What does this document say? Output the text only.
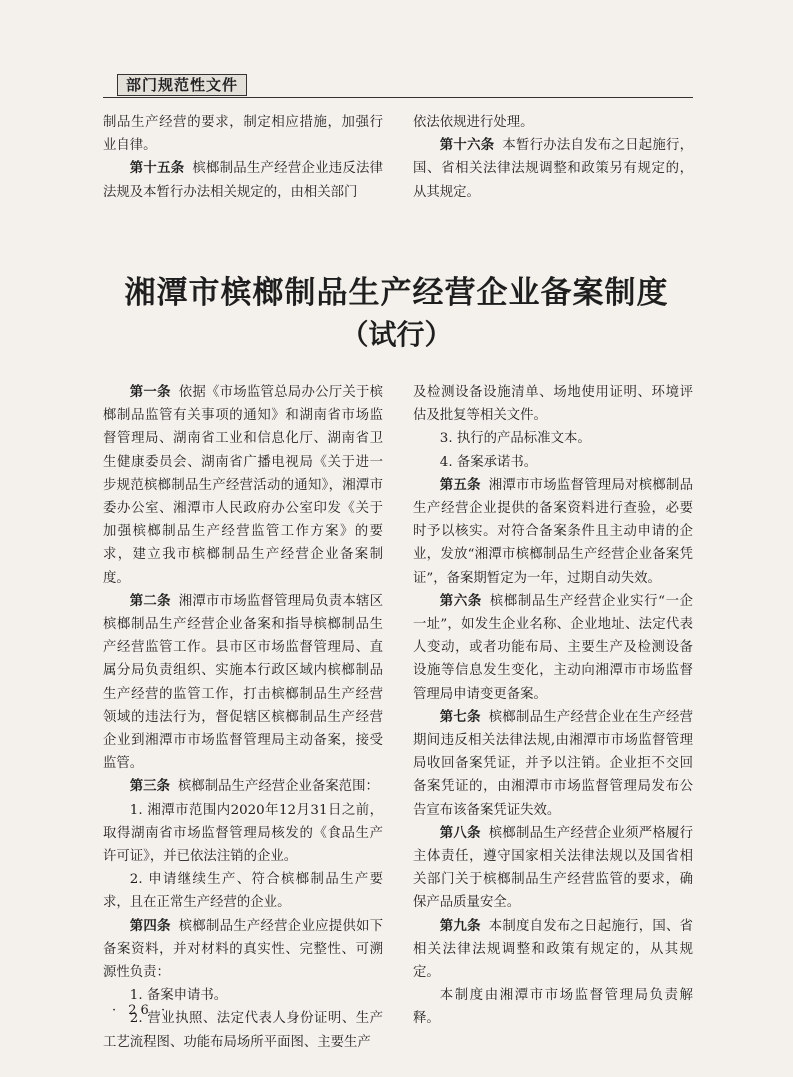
部门规范性文件

制品生产经营的要求，制定相应措施，加强行业自律。

第十五条 槟榔制品生产经营企业违反法律法规及本暂行办法相关规定的，由相关部门

依法依规进行处理。

第十六条 本暂行办法自发布之日起施行，国、省相关法律法规调整和政策另有规定的，从其规定。

湘潭市槟榔制品生产经营企业备案制度
（试行）

第一条 依据《市场监管总局办公厅关于槟榔制品监管有关事项的通知》和湖南省市场监督管理局、湖南省工业和信息化厅、湖南省卫生健康委员会、湖南省广播电视局《关于进一步规范槟榔制品生产经营活动的通知》，湘潭市委办公室、湘潭市人民政府办公室印发《关于加强槟榔制品生产经营监管工作方案》的要求，建立我市槟榔制品生产经营企业备案制度。

第二条 湘潭市市场监督管理局负责本辖区槟榔制品生产经营企业备案和指导槟榔制品生产经营监管工作。县市区市场监督管理局、直属分局负责组织、实施本行政区域内槟榔制品生产经营的监管工作，打击槟榔制品生产经营领域的违法行为，督促辖区槟榔制品生产经营企业到湘潭市市场监督管理局主动备案，接受监管。

第三条 槟榔制品生产经营企业备案范围：

1. 湘潭市范围内2020年12月31日之前，取得湖南省市场监督管理局核发的《食品生产许可证》，并已依法注销的企业。

2. 申请继续生产、符合槟榔制品生产要求，且在正常生产经营的企业。

第四条 槟榔制品生产经营企业应提供如下备案资料，并对材料的真实性、完整性、可溯源性负责：

1. 备案申请书。

2. 营业执照、法定代表人身份证明、生产工艺流程图、功能布局场所平面图、主要生产

及检测设备设施清单、场地使用证明、环境评估及批复等相关文件。

3. 执行的产品标准文本。

4. 备案承诺书。

第五条 湘潭市市场监督管理局对槟榔制品生产经营企业提供的备案资料进行查验，必要时予以核实。对符合备案条件且主动申请的企业，发放“湘潭市槟榔制品生产经营企业备案凭证”，备案期暂定为一年，过期自动失效。

第六条 槟榔制品生产经营企业实行“一企一址”，如发生企业名称、企业地址、法定代表人变动，或者功能布局、主要生产及检测设备设施等信息发生变化，主动向湘潭市市场监督管理局申请变更备案。

第七条 槟榔制品生产经营企业在生产经营期间违反相关法律法规,由湘潭市市场监督管理局收回备案凭证，并予以注销。企业拒不交回备案凭证的，由湘潭市市场监督管理局发布公告宣布该备案凭证失效。

第八条 槟榔制品生产经营企业须严格履行主体责任，遵守国家相关法律法规以及国省相关部门关于槟榔制品生产经营监管的要求，确保产品质量安全。

第九条 本制度自发布之日起施行，国、省相关法律法规调整和政策有规定的，从其规定。

本制度由湘潭市市场监督管理局负责解释。

· 26 ·
